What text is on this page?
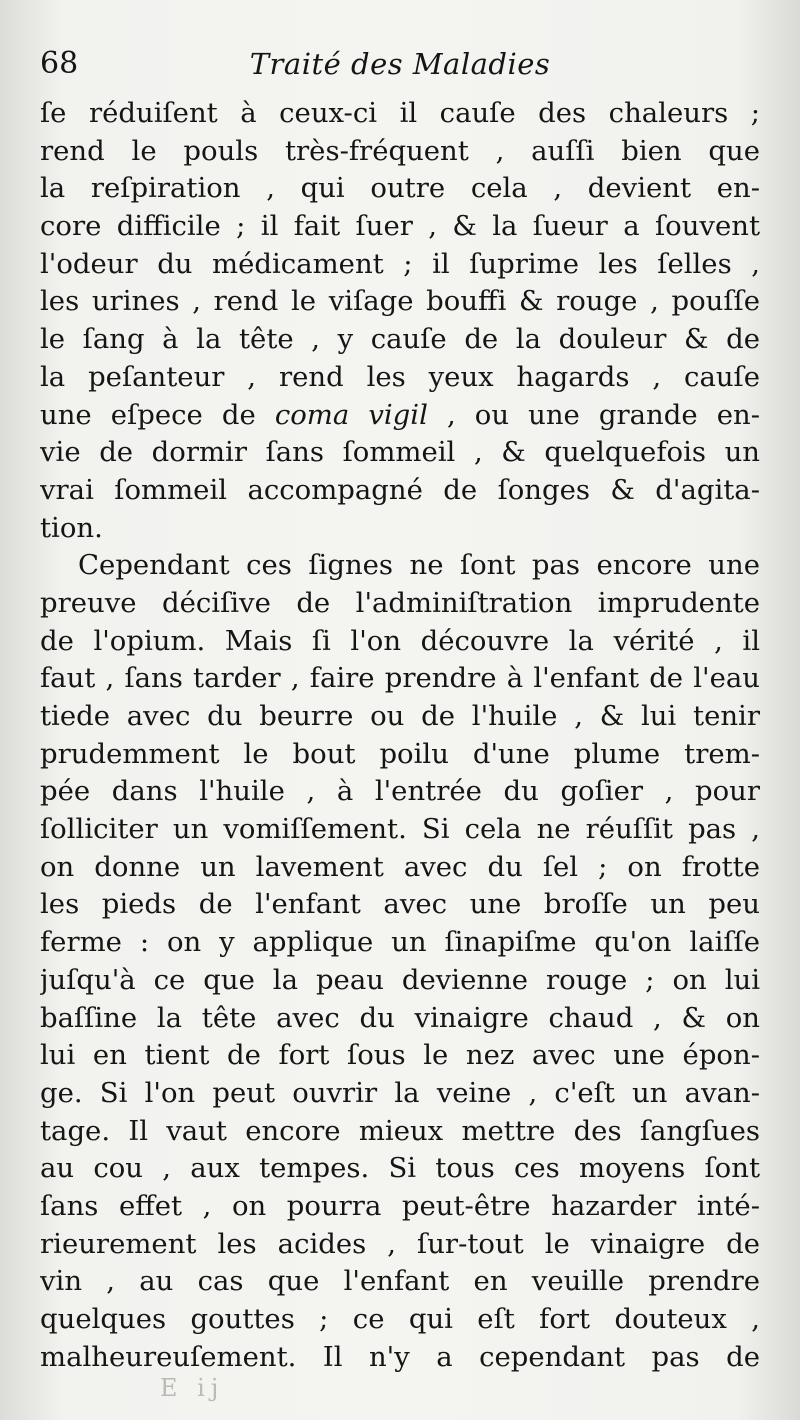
68	Traité des Maladies
ſe réduiſent à ceux-ci il cauſe des chaleurs ;
rend le pouls très-fréquent , auſſi bien que
la reſpiration , qui outre cela , devient en-
core difficile ; il fait ſuer , & la ſueur a ſouvent
l'odeur du médicament ; il ſuprime les ſelles ,
les urines , rend le viſage bouffi & rouge , pouſſe
le ſang à la tête , y cauſe de la douleur & de
la peſanteur , rend les yeux hagards , cauſe
une eſpece de coma vigil , ou une grande en-
vie de dormir ſans ſommeil , & quelquefois un
vrai ſommeil accompagné de ſonges & d'agita-
tion.
Cependant ces ſignes ne ſont pas encore une
preuve déciſive de l'adminiſtration imprudente
de l'opium. Mais ſi l'on découvre la vérité , il
faut , ſans tarder , faire prendre à l'enfant de l'eau
tiede avec du beurre ou de l'huile , & lui tenir
prudemment le bout poilu d'une plume trem-
pée dans l'huile , à l'entrée du goſier , pour
ſolliciter un vomiſſement. Si cela ne réuſſit pas ,
on donne un lavement avec du ſel ; on frotte
les pieds de l'enfant avec une broſſe un peu
ferme : on y applique un ſinapiſme qu'on laiſſe
juſqu'à ce que la peau devienne rouge ; on lui
baſſine la tête avec du vinaigre chaud , & on
lui en tient de fort ſous le nez avec une épon-
ge. Si l'on peut ouvrir la veine , c'eſt un avan-
tage. Il vaut encore mieux mettre des ſangſues
au cou , aux tempes. Si tous ces moyens ſont
ſans effet , on pourra peut-être hazarder inté-
rieurement les acides , ſur-tout le vinaigre de
vin , au cas que l'enfant en veuille prendre
quelques gouttes ; ce qui eſt fort douteux ,
malheureuſement. Il n'y a cependant pas de
E ij
